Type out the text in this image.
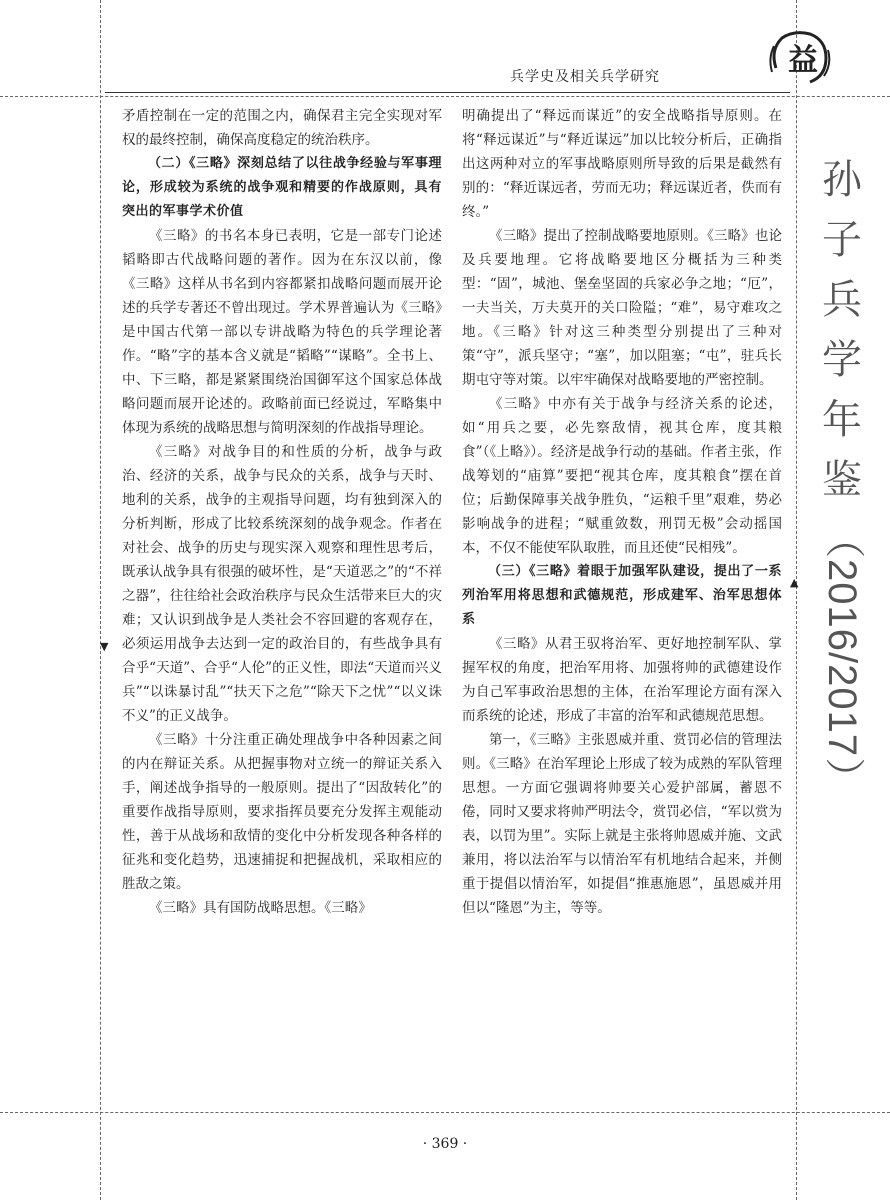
兵学史及相关兵学研究	益
孙
子
兵
学
年
鉴
（2016/2017）
▼
▲

矛盾控制在一定的范围之内，确保君主完全实现对军权的最终控制，确保高度稳定的统治秩序。

（二）《三略》深刻总结了以往战争经验与军事理论，形成较为系统的战争观和精要的作战原则，具有突出的军事学术价值

《三略》的书名本身已表明，它是一部专门论述韬略即古代战略问题的著作。因为在东汉以前，像《三略》这样从书名到内容都紧扣战略问题而展开论述的兵学专著还不曾出现过。学术界普遍认为《三略》是中国古代第一部以专讲战略为特色的兵学理论著作。“略”字的基本含义就是“韬略”“谋略”。全书上、中、下三略，都是紧紧围绕治国御军这个国家总体战略问题而展开论述的。政略前面已经说过，军略集中体现为系统的战略思想与简明深刻的作战指导理论。

《三略》对战争目的和性质的分析，战争与政治、经济的关系，战争与民众的关系，战争与天时、地利的关系，战争的主观指导问题，均有独到深入的分析判断，形成了比较系统深刻的战争观念。作者在对社会、战争的历史与现实深入观察和理性思考后，既承认战争具有很强的破坏性，是“天道恶之”的“不祥之器”，往往给社会政治秩序与民众生活带来巨大的灾难；又认识到战争是人类社会不容回避的客观存在，必须运用战争去达到一定的政治目的，有些战争具有合乎“天道”、合乎“人伦”的正义性，即法“天道而兴义兵”“以诛暴讨乱”“扶天下之危”“除天下之忧”“以义诛不义”的正义战争。

《三略》十分注重正确处理战争中各种因素之间的内在辩证关系。从把握事物对立统一的辩证关系入手，阐述战争指导的一般原则。提出了“因敌转化”的重要作战指导原则，要求指挥员要充分发挥主观能动性，善于从战场和敌情的变化中分析发现各种各样的征兆和变化趋势，迅速捕捉和把握战机，采取相应的胜敌之策。

《三略》具有国防战略思想。《三略》

明确提出了“释远而谋近”的安全战略指导原则。在将“释远谋近”与“释近谋远”加以比较分析后，正确指出这两种对立的军事战略原则所导致的后果是截然有别的：“释近谋远者，劳而无功；释远谋近者，佚而有终。”

《三略》提出了控制战略要地原则。《三略》也论及兵要地理。它将战略要地区分概括为三种类型：“固”，城池、堡垒坚固的兵家必争之地；“厄”，一夫当关，万夫莫开的关口险隘；“难”，易守难攻之地。《三略》针对这三种类型分别提出了三种对策“守”，派兵坚守；“塞”，加以阻塞；“屯”，驻兵长期屯守等对策。以牢牢确保对战略要地的严密控制。

《三略》中亦有关于战争与经济关系的论述，如“用兵之要，必先察敌情，视其仓库，度其粮食”（《上略》）。经济是战争行动的基础。作者主张，作战筹划的“庙算”要把“视其仓库，度其粮食”摆在首位；后勤保障事关战争胜负，“运粮千里”艰难，势必影响战争的进程；“赋重敛数，刑罚无极”会动摇国本，不仅不能使军队取胜，而且还使“民相残”。

（三）《三略》着眼于加强军队建设，提出了一系列治军用将思想和武德规范，形成建军、治军思想体系

《三略》从君王驭将治军、更好地控制军队、掌握军权的角度，把治军用将、加强将帅的武德建设作为自己军事政治思想的主体，在治军理论方面有深入而系统的论述，形成了丰富的治军和武德规范思想。

第一，《三略》主张恩威并重、赏罚必信的管理法则。《三略》在治军理论上形成了较为成熟的军队管理思想。一方面它强调将帅要关心爱护部属，蓄恩不倦，同时又要求将帅严明法令，赏罚必信，“军以赏为表，以罚为里”。实际上就是主张将帅恩威并施、文武兼用，将以法治军与以情治军有机地结合起来，并侧重于提倡以情治军，如提倡“推惠施恩”，虽恩威并用但以“隆恩”为主，等等。

· 369 ·
